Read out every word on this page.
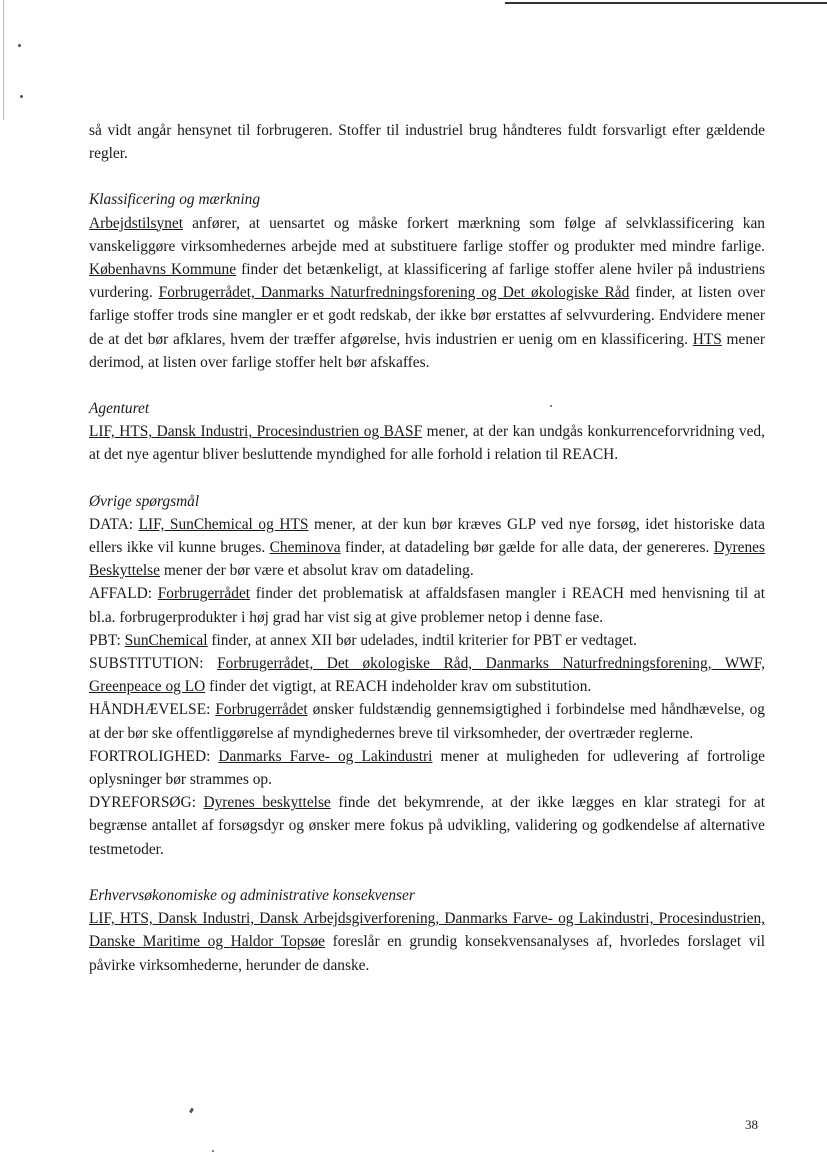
så vidt angår hensynet til forbrugeren. Stoffer til industriel brug håndteres fuldt forsvarligt efter gældende regler.

Klassificering og mærkning

Arbejdstilsynet anfører, at uensartet og måske forkert mærkning som følge af selvklassificering kan vanskeliggøre virksomhedernes arbejde med at substituere farlige stoffer og produkter med mindre farlige. Københavns Kommune finder det betænkeligt, at klassificering af farlige stoffer alene hviler på industriens vurdering. Forbrugerrådet, Danmarks Naturfredningsforening og Det økologiske Råd finder, at listen over farlige stoffer trods sine mangler er et godt redskab, der ikke bør erstattes af selvvurdering. Endvidere mener de at det bør afklares, hvem der træffer afgørelse, hvis industrien er uenig om en klassificering. HTS mener derimod, at listen over farlige stoffer helt bør afskaffes.

Agenturet

LIF, HTS, Dansk Industri, Procesindustrien og BASF mener, at der kan undgås konkurrenceforvridning ved, at det nye agentur bliver besluttende myndighed for alle forhold i relation til REACH.

Øvrige spørgsmål

DATA: LIF, SunChemical og HTS mener, at der kun bør kræves GLP ved nye forsøg, idet historiske data ellers ikke vil kunne bruges. Cheminova finder, at datadeling bør gælde for alle data, der genereres. Dyrenes Beskyttelse mener der bør være et absolut krav om datadeling.

AFFALD: Forbrugerrådet finder det problematisk at affaldsfasen mangler i REACH med henvisning til at bl.a. forbrugerprodukter i høj grad har vist sig at give problemer netop i denne fase.

PBT: SunChemical finder, at annex XII bør udelades, indtil kriterier for PBT er vedtaget.

SUBSTITUTION: Forbrugerrådet, Det økologiske Råd, Danmarks Naturfredningsforening, WWF, Greenpeace og LO finder det vigtigt, at REACH indeholder krav om substitution.

HÅNDHÆVELSE: Forbrugerrådet ønsker fuldstændig gennemsigtighed i forbindelse med håndhævelse, og at der bør ske offentliggørelse af myndighedernes breve til virksomheder, der overtræder reglerne.

FORTROLIGHED: Danmarks Farve- og Lakindustri mener at muligheden for udlevering af fortrolige oplysninger bør strammes op.

DYREFORSØG: Dyrenes beskyttelse finde det bekymrende, at der ikke lægges en klar strategi for at begrænse antallet af forsøgsdyr og ønsker mere fokus på udvikling, validering og godkendelse af alternative testmetoder.

Erhvervsøkonomiske og administrative konsekvenser

LIF, HTS, Dansk Industri, Dansk Arbejdsgiverforening, Danmarks Farve- og Lakindustri, Procesindustrien, Danske Maritime og Haldor Topsøe foreslår en grundig konsekvensanalyses af, hvorledes forslaget vil påvirke virksomhederne, herunder de danske.

38
